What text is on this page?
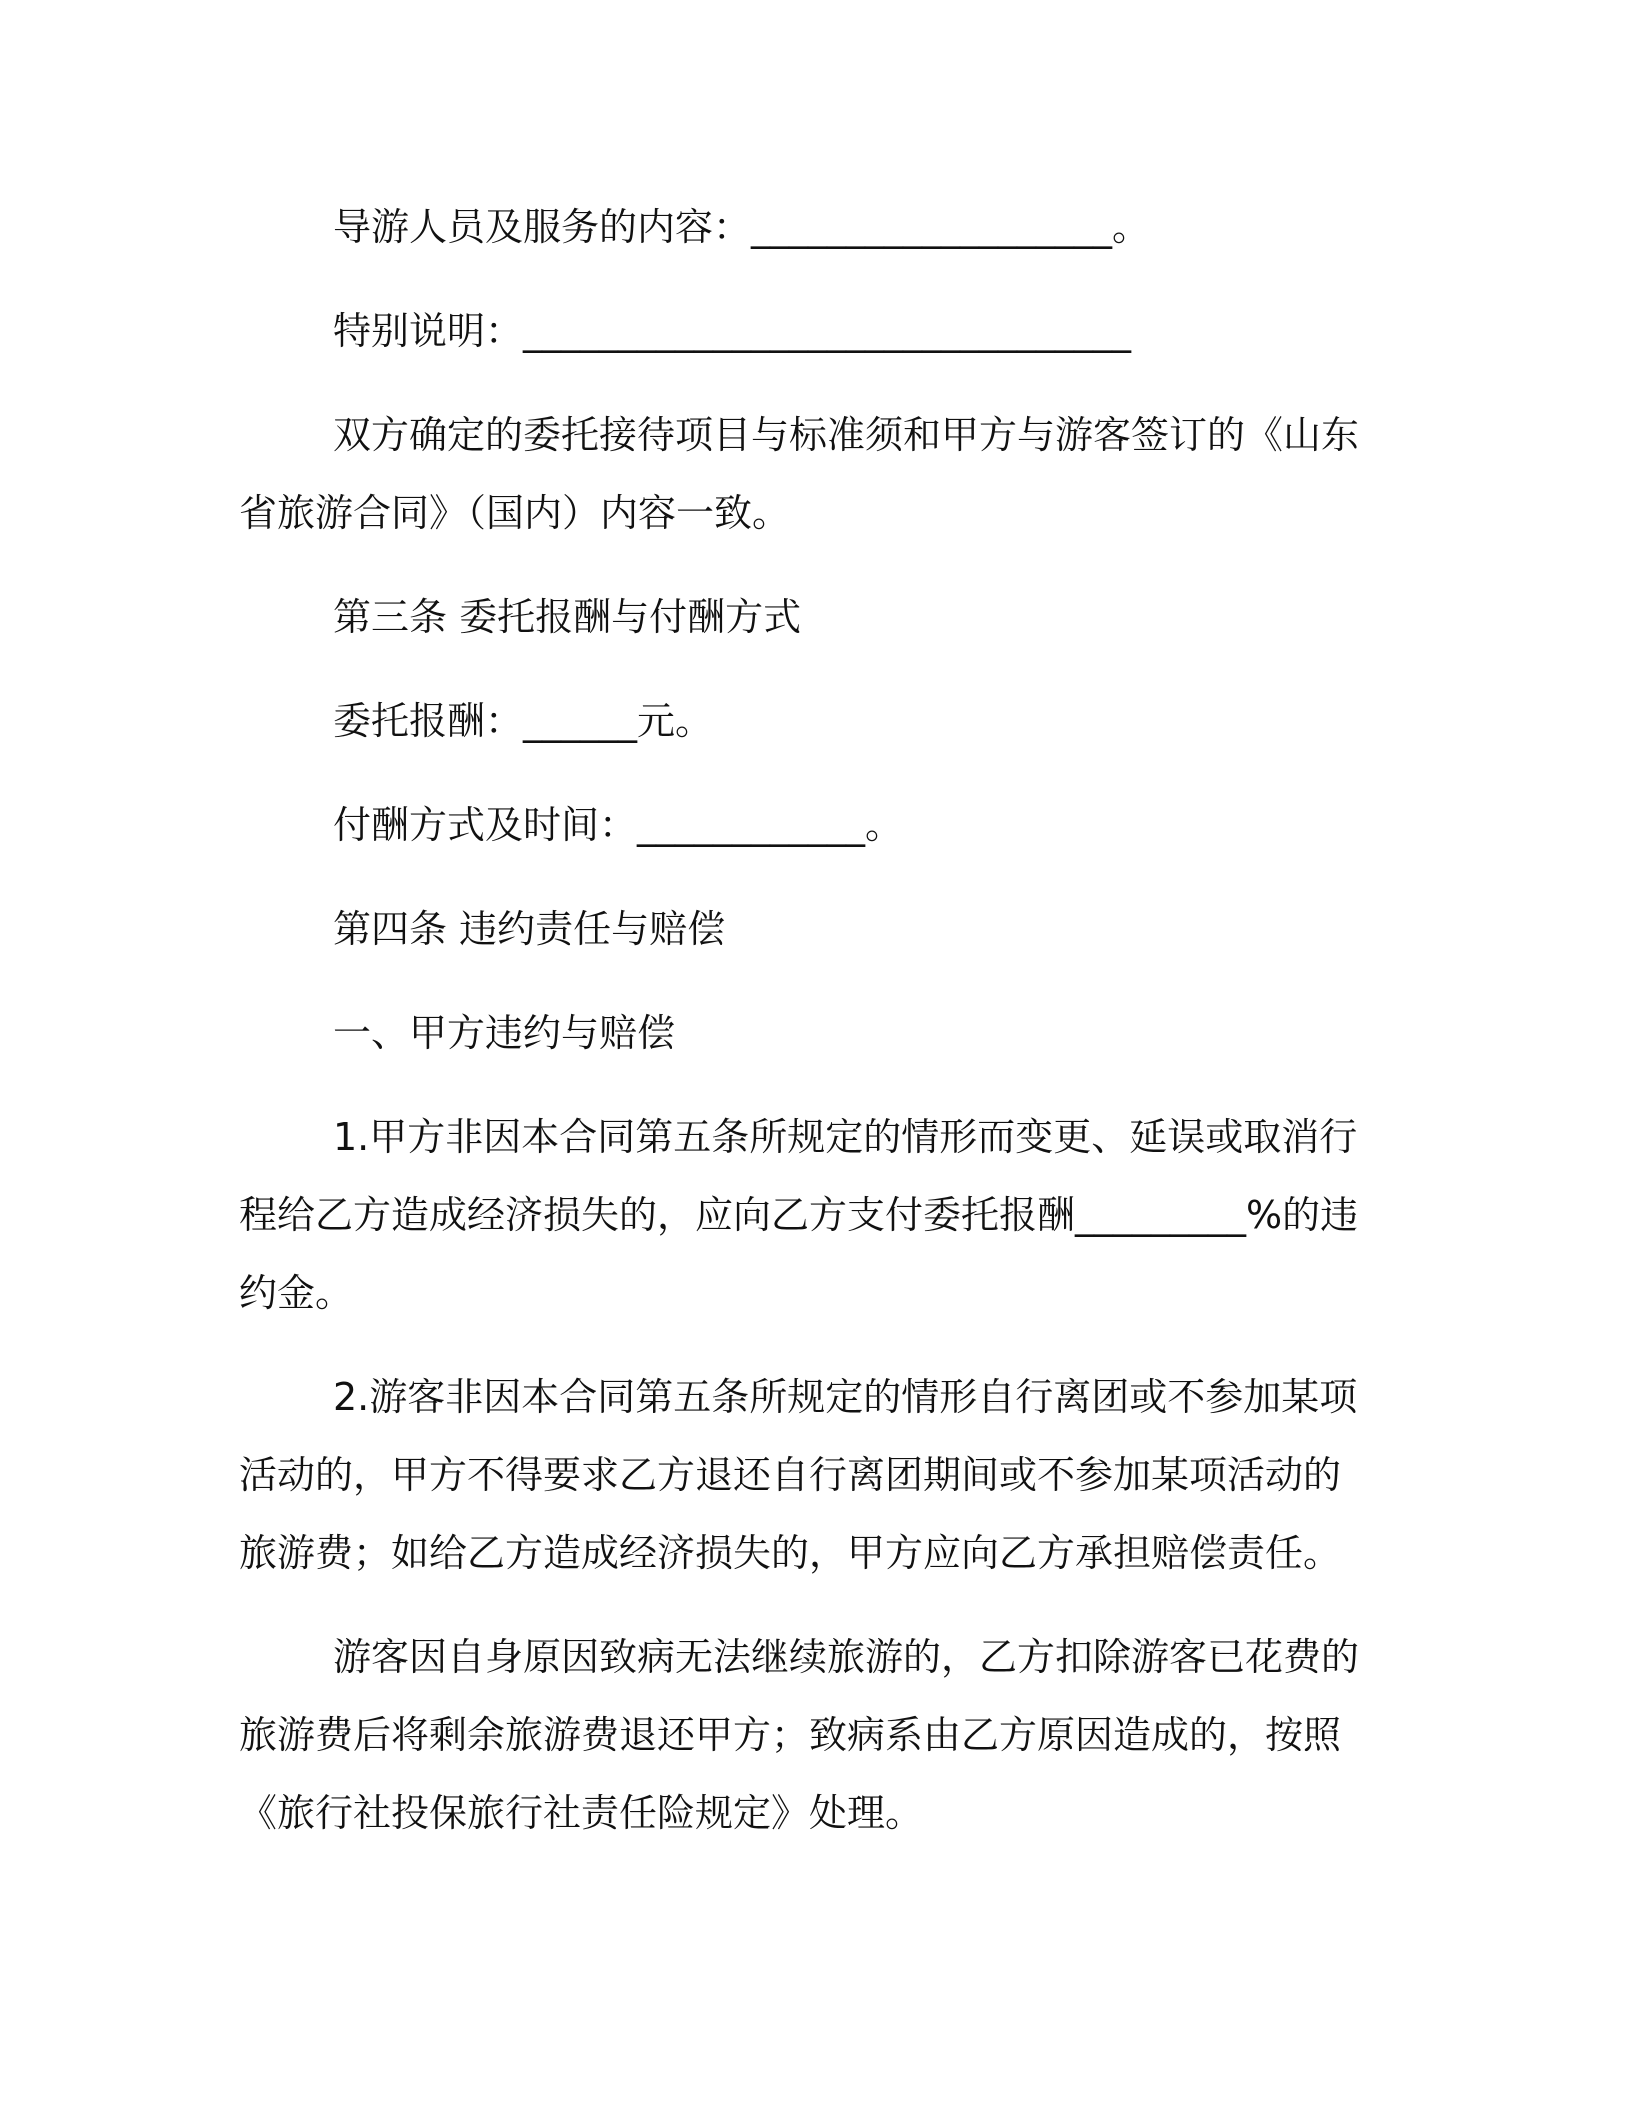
导游人员及服务的内容：___________________。

特别说明：________________________________

双方确定的委托接待项目与标准须和甲方与游客签订的《山东省旅游合同》（国内）内容一致。

第三条 委托报酬与付酬方式

委托报酬：______元。

付酬方式及时间：____________。

第四条 违约责任与赔偿

一、甲方违约与赔偿

1.甲方非因本合同第五条所规定的情形而变更、延误或取消行程给乙方造成经济损失的，应向乙方支付委托报酬_________%的违约金。

2.游客非因本合同第五条所规定的情形自行离团或不参加某项活动的，甲方不得要求乙方退还自行离团期间或不参加某项活动的旅游费；如给乙方造成经济损失的，甲方应向乙方承担赔偿责任。

游客因自身原因致病无法继续旅游的，乙方扣除游客已花费的旅游费后将剩余旅游费退还甲方；致病系由乙方原因造成的，按照《旅行社投保旅行社责任险规定》处理。
